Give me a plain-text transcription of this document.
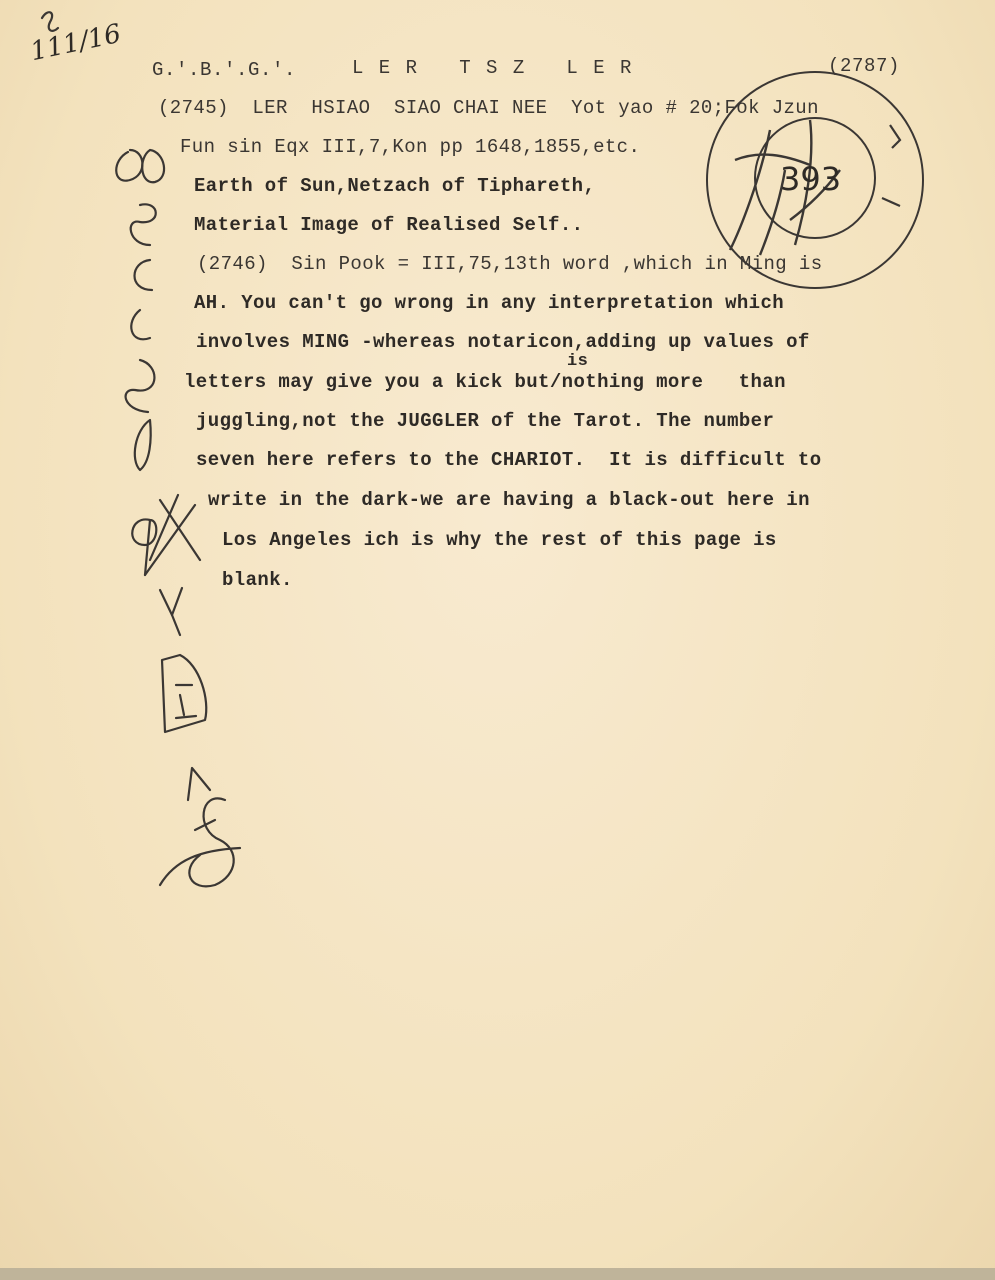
G.'.B.'.G.'.	L E R   T S Z   L E R	(2787)
(2745)  LER  HSIAO  SIAO CHAI NEE  Yot yao # 20;Fok Jzun
Fun sin Eqx III,7,Kon pp 1648,1855,etc.
Earth of Sun,Netzach of Tiphareth,
Material Image of Realised Self..
(2746)  Sin Pook = III,75,13th word ,which in Ming is
AH. You can't go wrong in any interpretation which
involves MING -whereas notaricon,adding up values of
is
letters may give you a kick but/nothing more   than
juggling,not the JUGGLER of the Tarot. The number
seven here refers to the CHARIOT.  It is difficult to
write in the dark-we are having a black-out here in
Los Angeles ich is why the rest of this page is
blank.
111/16
393
